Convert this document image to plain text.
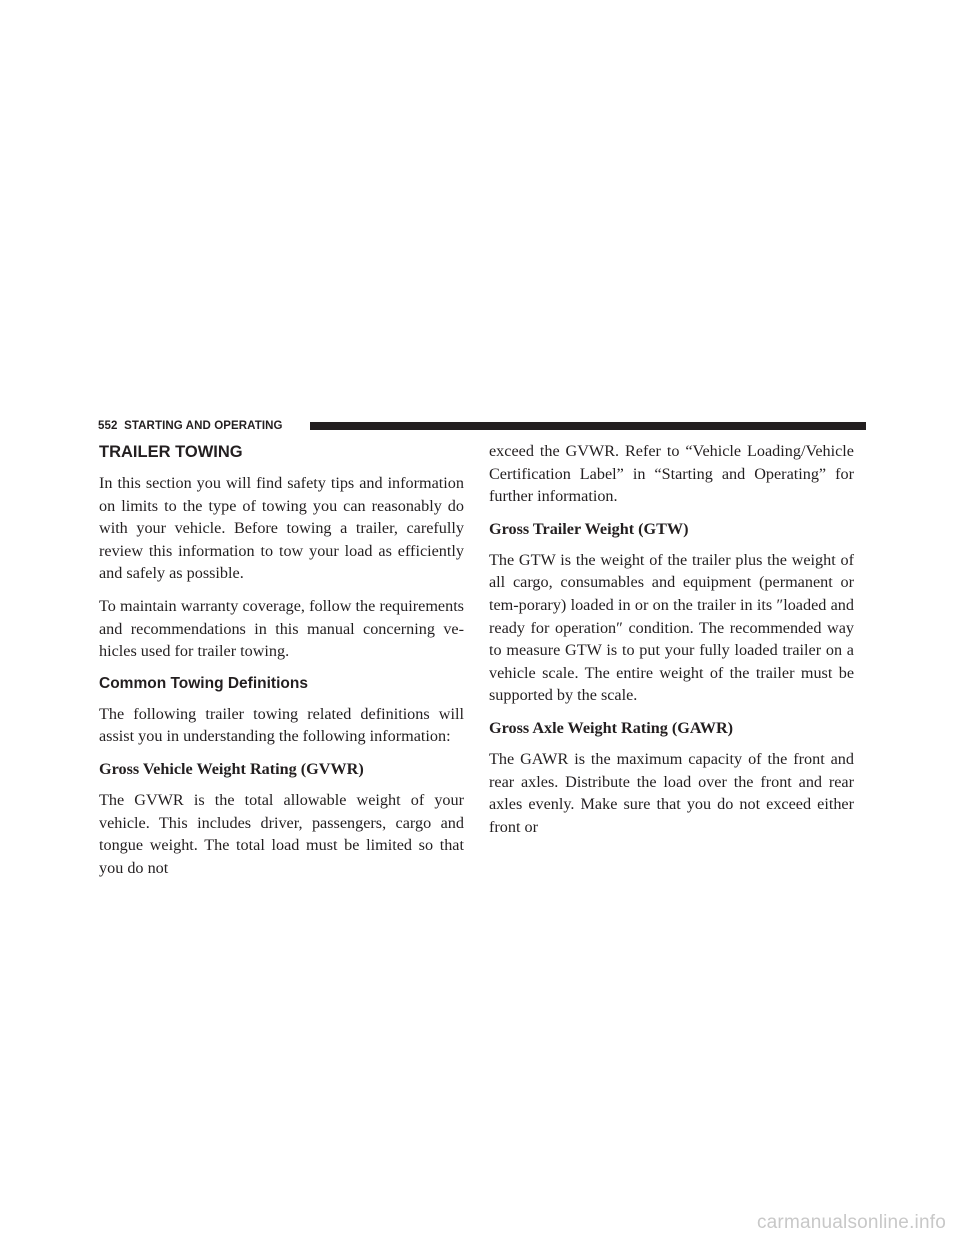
552 STARTING AND OPERATING
TRAILER TOWING

In this section you will find safety tips and information on limits to the type of towing you can reasonably do with your vehicle. Before towing a trailer, carefully review this information to tow your load as efficiently and safely as possible.

To maintain warranty coverage, follow the requirements and recommendations in this manual concerning ve-hicles used for trailer towing.

Common Towing Definitions

The following trailer towing related definitions will assist you in understanding the following information:

Gross Vehicle Weight Rating (GVWR)

The GVWR is the total allowable weight of your vehicle. This includes driver, passengers, cargo and tongue weight. The total load must be limited so that you do not

exceed the GVWR. Refer to “Vehicle Loading/Vehicle Certification Label” in “Starting and Operating” for further information.

Gross Trailer Weight (GTW)

The GTW is the weight of the trailer plus the weight of all cargo, consumables and equipment (permanent or tem-porary) loaded in or on the trailer in its ″loaded and ready for operation″ condition. The recommended way to measure GTW is to put your fully loaded trailer on a vehicle scale. The entire weight of the trailer must be supported by the scale.

Gross Axle Weight Rating (GAWR)

The GAWR is the maximum capacity of the front and rear axles. Distribute the load over the front and rear axles evenly. Make sure that you do not exceed either front or

carmanualsonline.info
